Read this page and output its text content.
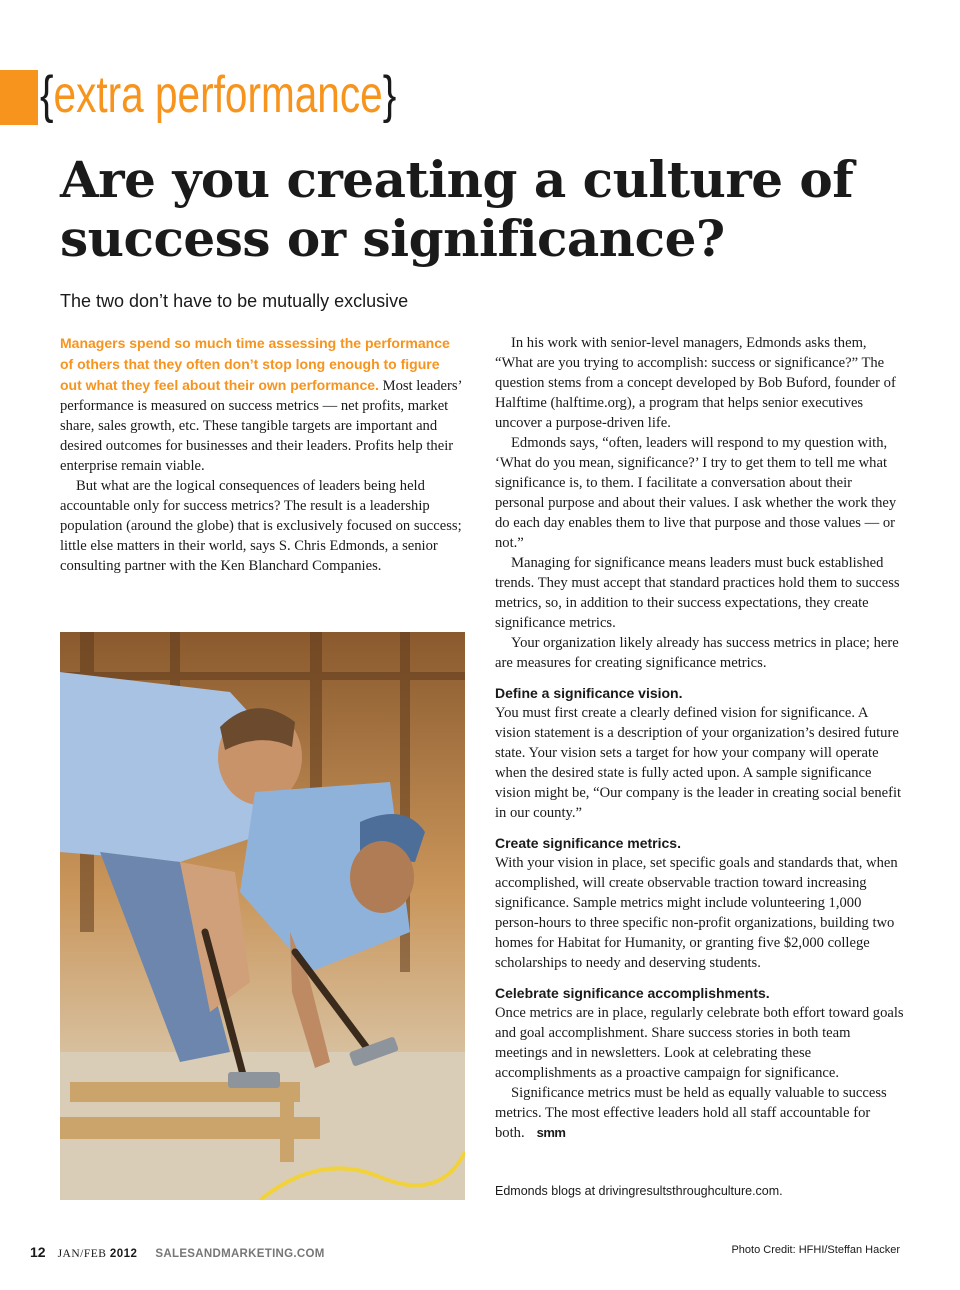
{extra performance}
Are you creating a culture of success or significance?
The two don’t have to be mutually exclusive

Managers spend so much time assessing the performance of others that they often don’t stop long enough to figure out what they feel about their own performance. Most leaders’ performance is measured on success metrics — net profits, market share, sales growth, etc. These tangible targets are important and desired outcomes for businesses and their leaders. Profits help their enterprise remain viable.

But what are the logical consequences of leaders being held accountable only for success metrics? The result is a leadership population (around the globe) that is exclusively focused on success; little else matters in their world, says S. Chris Edmonds, a senior consulting partner with the Ken Blanchard Companies.

In his work with senior-level managers, Edmonds asks them, “What are you trying to accomplish: success or significance?” The question stems from a concept developed by Bob Buford, founder of Halftime (halftime.org), a program that helps senior executives uncover a purpose-driven life.

Edmonds says, “often, leaders will respond to my question with, ‘What do you mean, significance?’ I try to get them to tell me what significance is, to them. I facilitate a conversation about their personal purpose and about their values. I ask whether the work they do each day enables them to live that purpose and those values — or not.”

Managing for significance means leaders must buck established trends. They must accept that standard practices hold them to success metrics, so, in addition to their success expectations, they create significance metrics.

Your organization likely already has success metrics in place; here are measures for creating significance metrics.

Define a significance vision.

You must first create a clearly defined vision for significance. A vision statement is a description of your organization’s desired future state. Your vision sets a target for how your company will operate when the desired state is fully acted upon. A sample significance vision might be, “Our company is the leader in creating social benefit in our county.”

Create significance metrics.

With your vision in place, set specific goals and standards that, when accomplished, will create observable traction toward increasing significance. Sample metrics might include volunteering 1,000 person-hours to three specific non-profit organizations, building two homes for Habitat for Humanity, or granting five $2,000 college scholarships to needy and deserving students.

Celebrate significance accomplishments.

Once metrics are in place, regularly celebrate both effort toward goals and goal accomplishment. Share success stories in both team meetings and in newsletters. Look at celebrating these accomplishments as a proactive campaign for significance.

Significance metrics must be held as equally valuable to success metrics. The most effective leaders hold all staff accountable for both. smm

Edmonds blogs at drivingresultsthroughculture.com.

12 JAN/FEB 2012 SALESANDMARKETING.COM	Photo Credit: HFHI/Steffan Hacker
